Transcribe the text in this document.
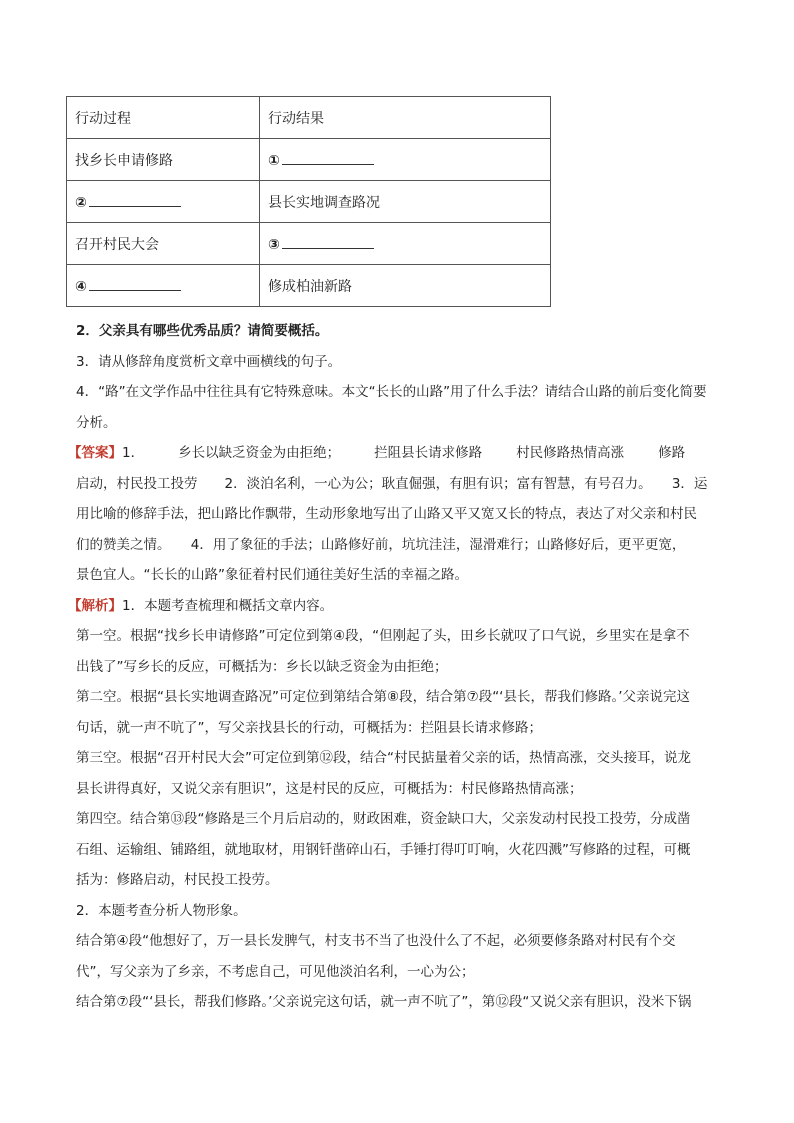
行动过程	行动结果
找乡长申请修路	①
②	县长实地调查路况
召开村民大会	③
④	修成柏油新路

2．父亲具有哪些优秀品质？请简要概括。

3．请从修辞角度赏析文章中画横线的句子。

4．“路”在文学作品中往往具有它特殊意味。本文“长长的山路”用了什么手法？请结合山路的前后变化简要

分析。

【答案】1．	乡长以缺乏资金为由拒绝；	拦阻县长请求修路	村民修路热情高涨	修路

启动，村民投工投劳　　2．淡泊名利，一心为公；耿直倔强，有胆有识；富有智慧，有号召力。　　3．运

用比喻的修辞手法，把山路比作飘带，生动形象地写出了山路又平又宽又长的特点，表达了对父亲和村民

们的赞美之情。　　4．用了象征的手法；山路修好前，坑坑洼洼，湿滑难行；山路修好后，更平更宽，

景色宜人。“长长的山路”象征着村民们通往美好生活的幸福之路。

【解析】1．本题考查梳理和概括文章内容。

第一空。根据“找乡长申请修路”可定位到第④段，“但刚起了头，田乡长就叹了口气说，乡里实在是拿不

出钱了”写乡长的反应，可概括为：乡长以缺乏资金为由拒绝；

第二空。根据“县长实地调查路况”可定位到第结合第⑧段，结合第⑦段“‘县长，帮我们修路。’父亲说完这

句话，就一声不吭了”，写父亲找县长的行动，可概括为：拦阻县长请求修路；

第三空。根据“召开村民大会”可定位到第⑫段，结合“村民掂量着父亲的话，热情高涨，交头接耳，说龙

县长讲得真好，又说父亲有胆识”，这是村民的反应，可概括为：村民修路热情高涨；

第四空。结合第⑬段“修路是三个月后启动的，财政困难，资金缺口大，父亲发动村民投工投劳，分成凿

石组、运输组、铺路组，就地取材，用钢钎凿碎山石，手锤打得叮叮响，火花四溅”写修路的过程，可概

括为：修路启动，村民投工投劳。

2．本题考查分析人物形象。

结合第④段“他想好了，万一县长发脾气，村支书不当了也没什么了不起，必须要修条路对村民有个交

代”，写父亲为了乡亲，不考虑自己，可见他淡泊名利，一心为公；

结合第⑦段“‘县长，帮我们修路。’父亲说完这句话，就一声不吭了”，第⑫段“又说父亲有胆识，没米下锅
